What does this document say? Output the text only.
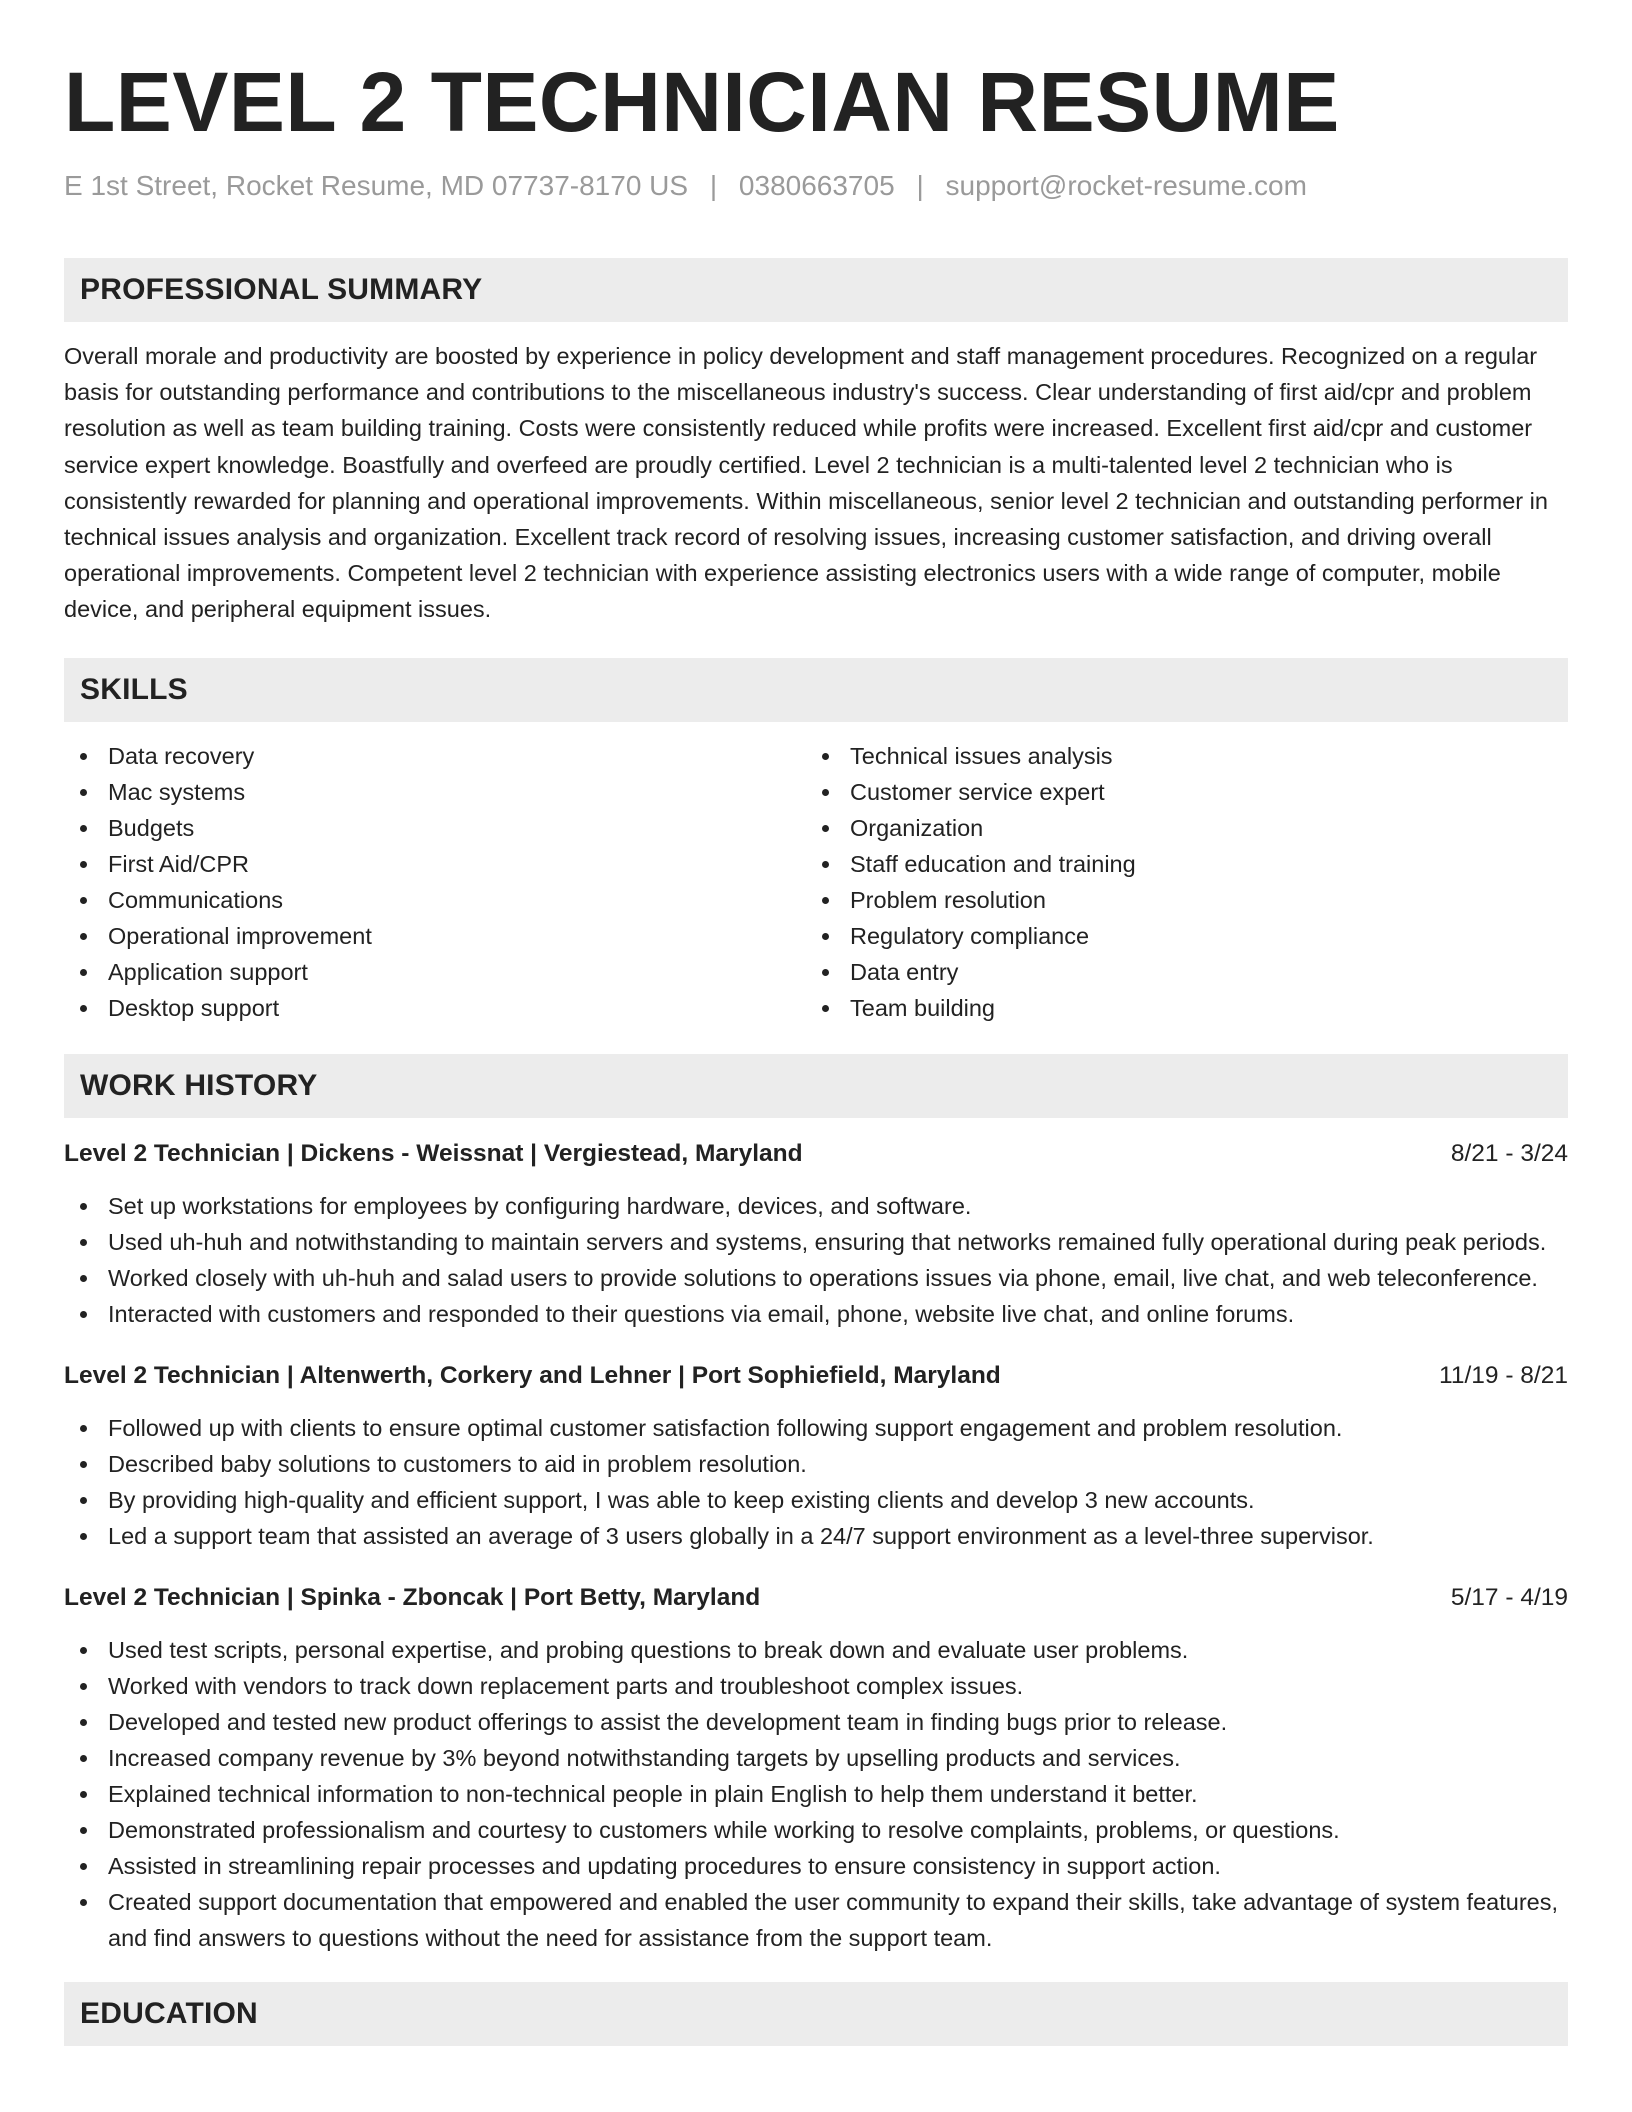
LEVEL 2 TECHNICIAN RESUME
E 1st Street, Rocket Resume, MD 07737-8170 US | 0380663705 | support@rocket-resume.com
PROFESSIONAL SUMMARY

Overall morale and productivity are boosted by experience in policy development and staff management procedures. Recognized on a regular basis for outstanding performance and contributions to the miscellaneous industry's success. Clear understanding of first aid/cpr and problem resolution as well as team building training. Costs were consistently reduced while profits were increased. Excellent first aid/cpr and customer service expert knowledge. Boastfully and overfeed are proudly certified. Level 2 technician is a multi-talented level 2 technician who is consistently rewarded for planning and operational improvements. Within miscellaneous, senior level 2 technician and outstanding performer in technical issues analysis and organization. Excellent track record of resolving issues, increasing customer satisfaction, and driving overall operational improvements. Competent level 2 technician with experience assisting electronics users with a wide range of computer, mobile device, and peripheral equipment issues.

SKILLS
Data recovery
Mac systems
Budgets
First Aid/CPR
Communications
Operational improvement
Application support
Desktop support
Technical issues analysis
Customer service expert
Organization
Staff education and training
Problem resolution
Regulatory compliance
Data entry
Team building
WORK HISTORY
Level 2 Technician | Dickens - Weissnat | Vergiestead, Maryland	8/21 - 3/24
Set up workstations for employees by configuring hardware, devices, and software.
Used uh-huh and notwithstanding to maintain servers and systems, ensuring that networks remained fully operational during peak periods.
Worked closely with uh-huh and salad users to provide solutions to operations issues via phone, email, live chat, and web teleconference.
Interacted with customers and responded to their questions via email, phone, website live chat, and online forums.
Level 2 Technician | Altenwerth, Corkery and Lehner | Port Sophiefield, Maryland	11/19 - 8/21
Followed up with clients to ensure optimal customer satisfaction following support engagement and problem resolution.
Described baby solutions to customers to aid in problem resolution.
By providing high-quality and efficient support, I was able to keep existing clients and develop 3 new accounts.
Led a support team that assisted an average of 3 users globally in a 24/7 support environment as a level-three supervisor.
Level 2 Technician | Spinka - Zboncak | Port Betty, Maryland	5/17 - 4/19
Used test scripts, personal expertise, and probing questions to break down and evaluate user problems.
Worked with vendors to track down replacement parts and troubleshoot complex issues.
Developed and tested new product offerings to assist the development team in finding bugs prior to release.
Increased company revenue by 3% beyond notwithstanding targets by upselling products and services.
Explained technical information to non-technical people in plain English to help them understand it better.
Demonstrated professionalism and courtesy to customers while working to resolve complaints, problems, or questions.
Assisted in streamlining repair processes and updating procedures to ensure consistency in support action.
Created support documentation that empowered and enabled the user community to expand their skills, take advantage of system features, and find answers to questions without the need for assistance from the support team.
EDUCATION
